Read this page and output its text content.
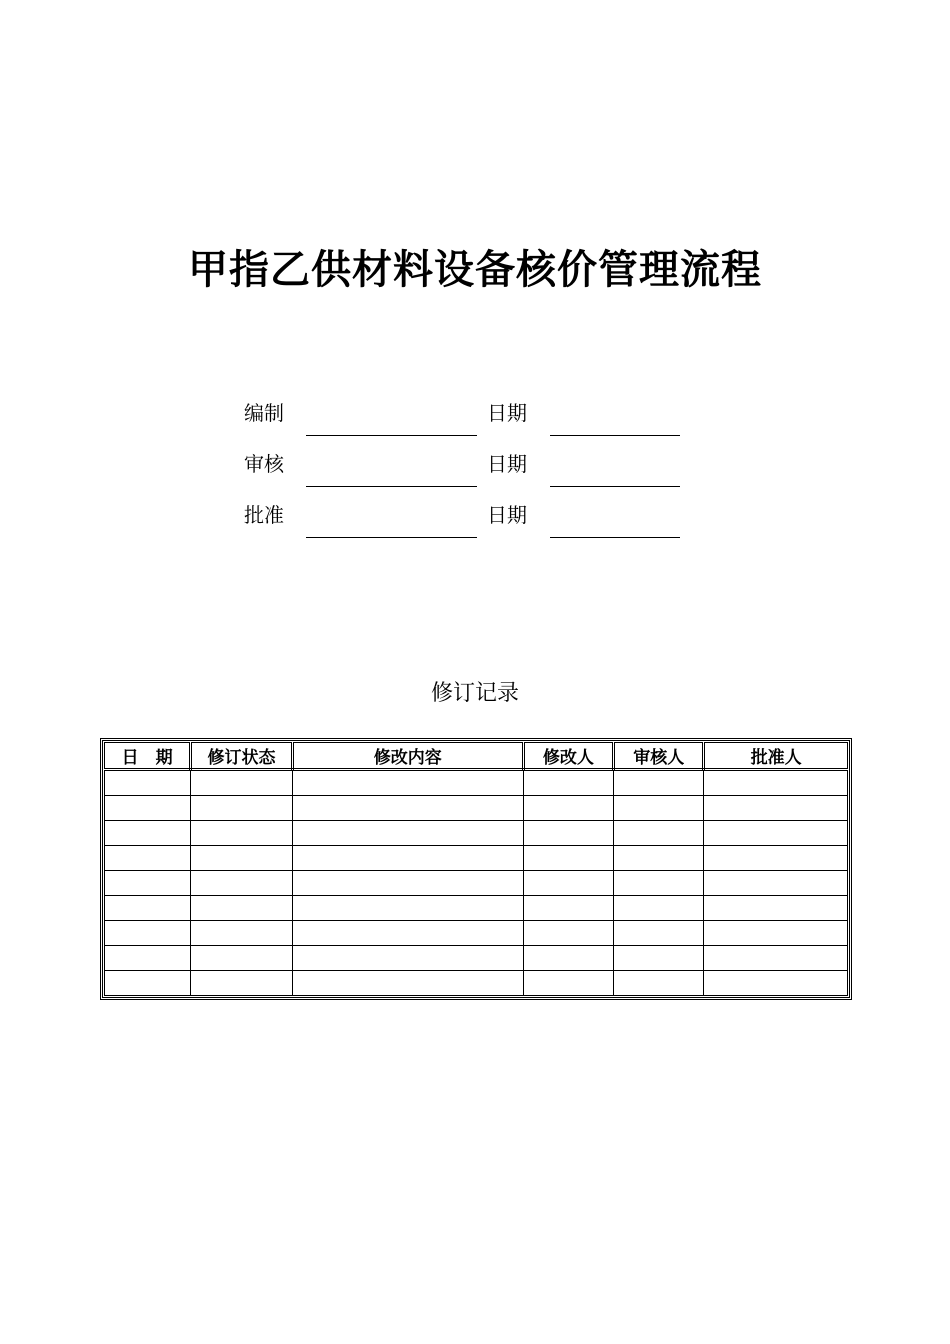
甲指乙供材料设备核价管理流程
编制	日期
审核	日期
批准	日期
修订记录
日　期	修订状态	修改内容	修改人	审核人	批准人
